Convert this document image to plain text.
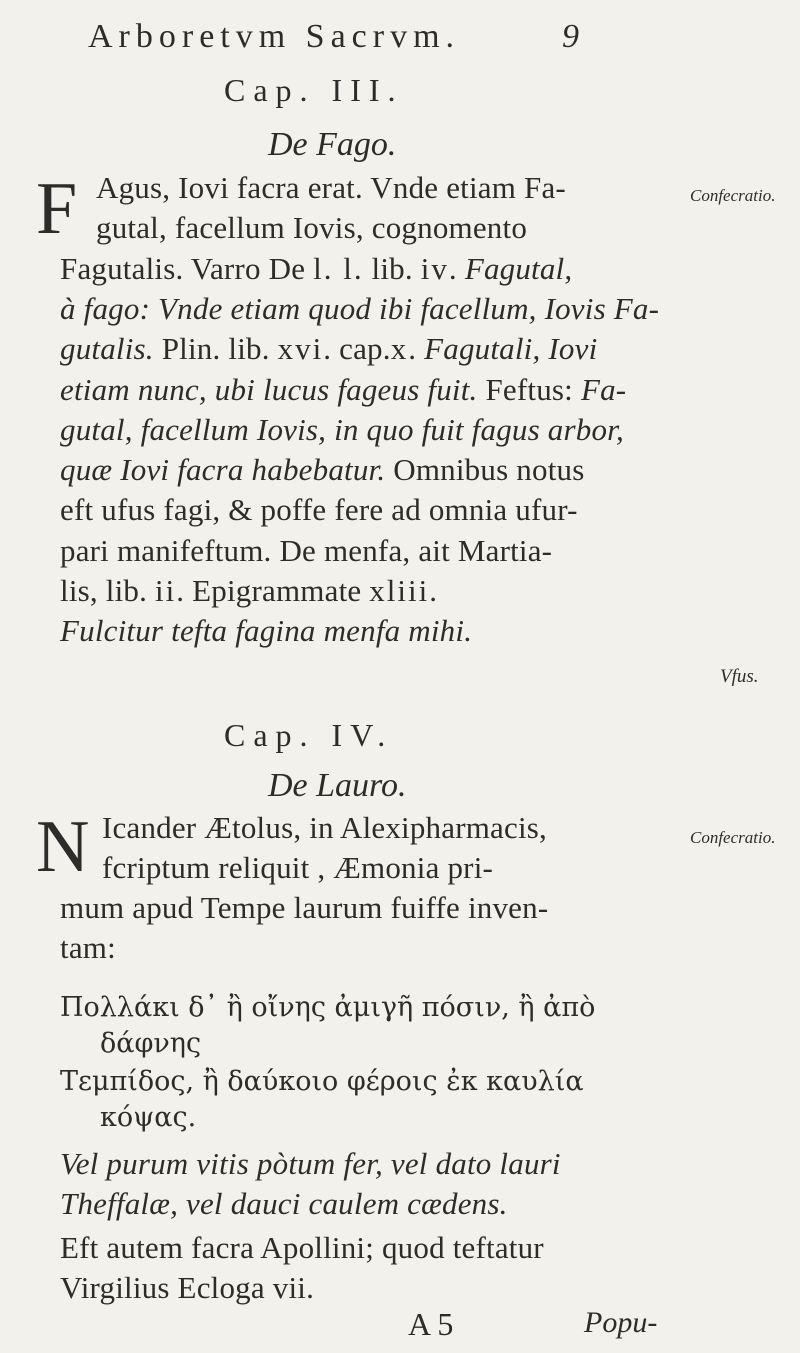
Arboretvm Sacrvm.	9
Cap. III.
De Fago.
F	Confecratio.
Agus, Iovi facra erat. Vnde etiam Fa-
gutal, facellum Iovis, cognomento
Fagutalis. Varro De l. l. lib. iv. Fagutal,
à fago: Vnde etiam quod ibi facellum, Iovis Fa-
gutalis. Plin. lib. xvi. cap.x. Fagutali, Iovi
etiam nunc, ubi lucus fageus fuit. Feftus: Fa-
gutal, facellum Iovis, in quo fuit fagus arbor,
quæ Iovi facra habebatur. Omnibus notus
eft ufus fagi, & poffe fere ad omnia ufur-
pari manifeftum. De menfa, ait Martia-
lis, lib. ii. Epigrammate xliii.
Fulcitur tefta fagina menfa mihi.
Vfus.
Cap. IV.
De Lauro.
N	Confecratio.
Icander Ætolus, in Alexipharmacis,
fcriptum reliquit , Æmonia pri-
mum apud Tempe laurum fuiffe inven-
tam:
Πολλάκι δ᾽ ἢ οἴνης ἀμιγῆ πόσιν, ἢ ἀπὸ
δάφνης
Τεμπίδος, ἢ δαύκοιο φέροις ἐκ καυλία
κόψας.
Vel purum vitis pòtum fer, vel dato lauri
Theffalæ, vel dauci caulem cædens.
Eft autem facra Apollini; quod teftatur
Virgilius Ecloga vii.
A 5	Popu-
